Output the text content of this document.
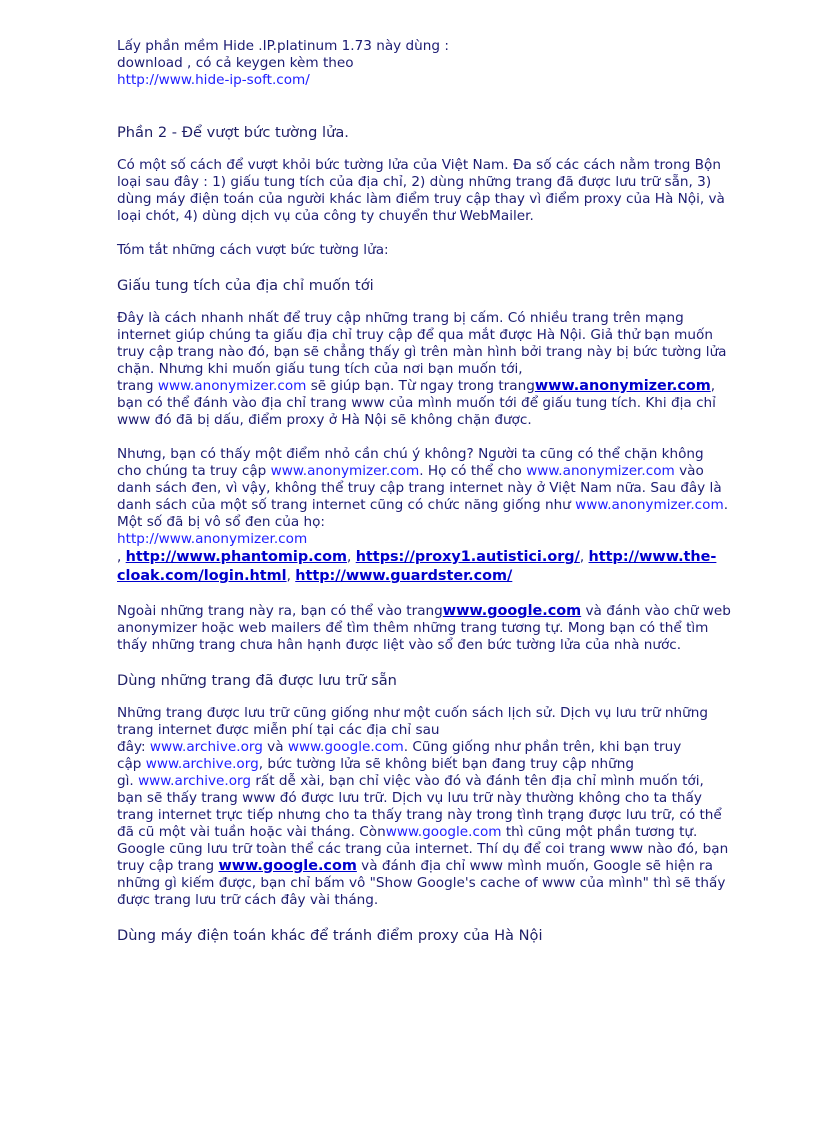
Lấy phần mềm Hide .IP.platinum 1.73 này dùng :
download , có cả keygen kèm theo
http://www.hide-ip-soft.com/
Phần 2 - Để vượt bức tường lửa.
Có một số cách để vượt khỏi bức tường lửa của Việt Nam. Đa số các cách nằm trong Bộn
loại sau đây : 1) giấu tung tích của địa chỉ, 2) dùng những trang đã được lưu trữ sẵn, 3)
dùng máy điện toán của người khác làm điểm truy cập thay vì điểm proxy của Hà Nội, và
loại chót, 4) dùng dịch vụ của công ty chuyển thư WebMailer.
Tóm tắt những cách vượt bức tường lửa:
Giấu tung tích của địa chỉ muốn tới
Đây là cách nhanh nhất để truy cập những trang bị cấm. Có nhiều trang trên mạng
internet giúp chúng ta giấu địa chỉ truy cập để qua mắt được Hà Nội. Giả thử bạn muốn
truy cập trang nào đó, bạn sẽ chẳng thấy gì trên màn hình bởi trang này bị bức tường lửa
chặn. Nhưng khi muốn giấu tung tích của nơi bạn muốn tới,
trang www.anonymizer.com sẽ giúp bạn. Từ ngay trong trangwww.anonymizer.com,
bạn có thể đánh vào địa chỉ trang www của mình muốn tới để giấu tung tích. Khi địa chỉ
www đó đã bị dấu, điểm proxy ở Hà Nội sẽ không chặn được.
Nhưng, bạn có thấy một điểm nhỏ cần chú ý không? Người ta cũng có thể chặn không
cho chúng ta truy cập www.anonymizer.com. Họ có thể cho www.anonymizer.com vào
danh sách đen, vì vậy, không thể truy cập trang internet này ở Việt Nam nữa. Sau đây là
danh sách của một số trang internet cũng có chức năng giống như www.anonymizer.com.
Một số đã bị vô sổ đen của họ:
http://www.anonymizer.com
, http://www.phantomip.com, https://proxy1.autistici.org/, http://www.the-
cloak.com/login.html, http://www.guardster.com/
Ngoài những trang này ra, bạn có thể vào trangwww.google.com và đánh vào chữ web
anonymizer hoặc web mailers để tìm thêm những trang tương tự. Mong bạn có thể tìm
thấy những trang chưa hân hạnh được liệt vào sổ đen bức tường lửa của nhà nước.
Dùng những trang đã được lưu trữ sẵn
Những trang được lưu trữ cũng giống như một cuốn sách lịch sử. Dịch vụ lưu trữ những
trang internet được miễn phí tại các địa chỉ sau
đây: www.archive.org và www.google.com. Cũng giống như phần trên, khi bạn truy
cập www.archive.org, bức tường lửa sẽ không biết bạn đang truy cập những
gì. www.archive.org rất dễ xài, bạn chỉ việc vào đó và đánh tên địa chỉ mình muốn tới,
bạn sẽ thấy trang www đó được lưu trữ. Dịch vụ lưu trữ này thường không cho ta thấy
trang internet trực tiếp nhưng cho ta thấy trang này trong tình trạng được lưu trữ, có thể
đã cũ một vài tuần hoặc vài tháng. Cònwww.google.com thì cũng một phần tương tự.
Google cũng lưu trữ toàn thể các trang của internet. Thí dụ để coi trang www nào đó, bạn
truy cập trang www.google.com và đánh địa chỉ www mình muốn, Google sẽ hiện ra
những gì kiếm được, bạn chỉ bấm vô "Show Google's cache of www của mình" thì sẽ thấy
được trang lưu trữ cách đây vài tháng.
Dùng máy điện toán khác để tránh điểm proxy của Hà Nội
